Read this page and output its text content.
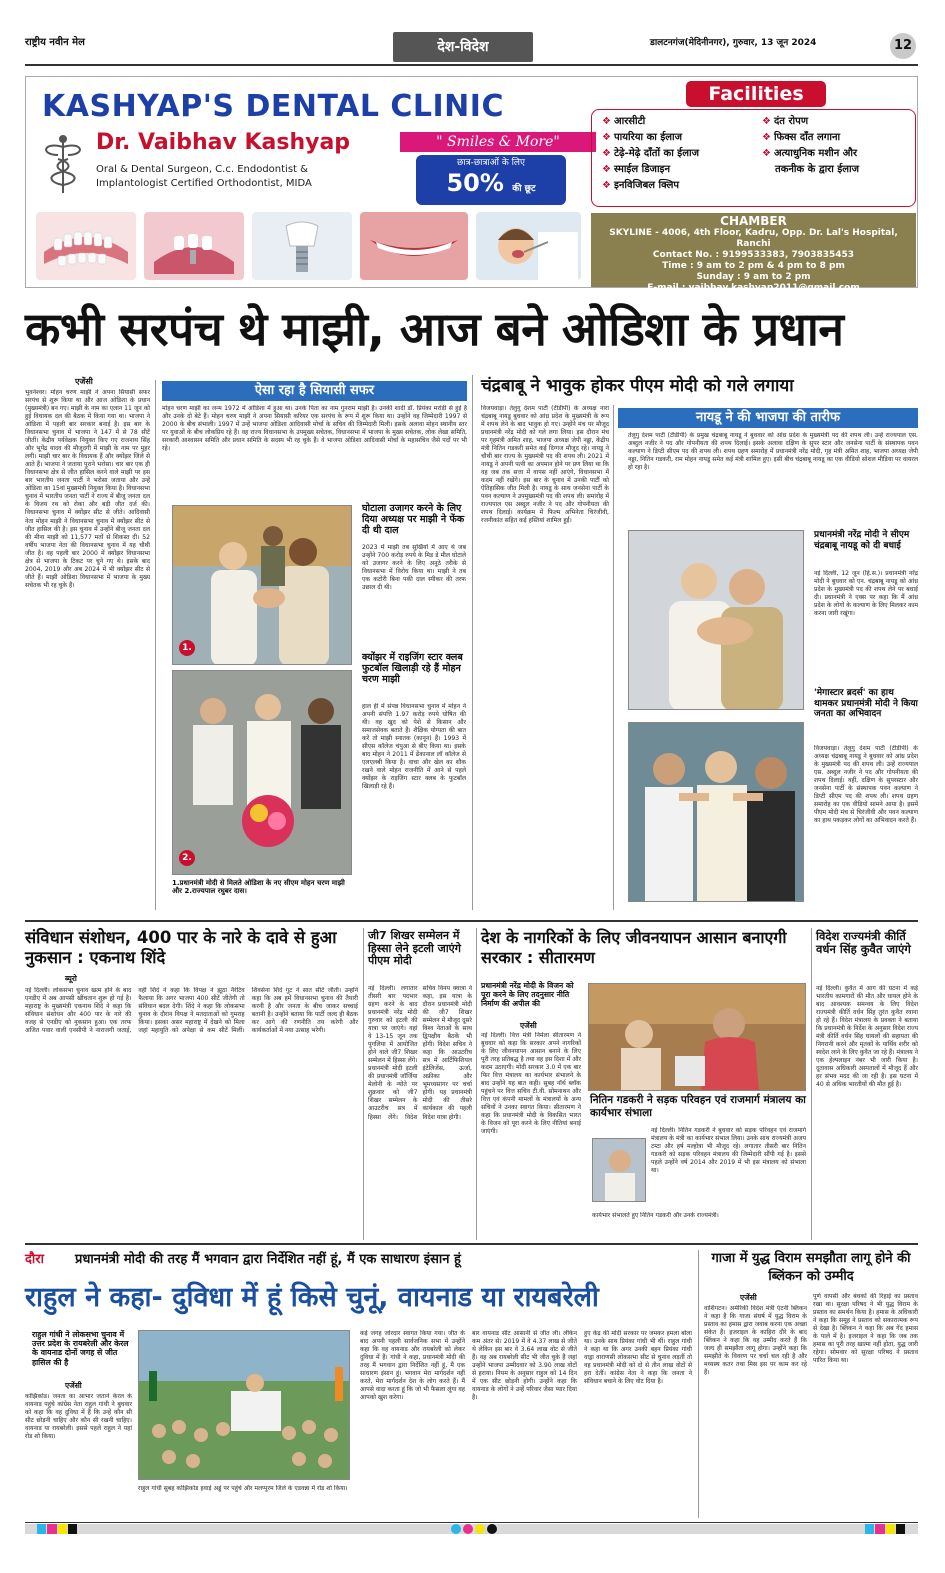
राष्ट्रीय नवीन मेल	देश-विदेश	डालटनगंज(मेदिनीनगर), गुरुवार, 13 जून 2024	12
KASHYAP'S DENTAL CLINIC
Dr. Vaibhav Kashyap
Oral & Dental Surgeon, C.c. Endodontist &
Implantologist Certified Orthodontist, MIDA
" Smiles & More"
छात्र-छात्राओं के लिए
50% की छूट
Facilities
❖ आरसीटी
❖ पायरिया का ईलाज
❖ टेढ़े-मेढ़े दाँतों का ईलाज
❖ स्माईल डिजाइन
❖ इनविजिबल क्लिप
❖ दंत रोपण
❖ फिक्स दाँत लगाना
❖ अत्याधुनिक मशीन और
तकनीक के द्वारा ईलाज
CHAMBER
SKYLINE - 4006, 4th Floor, Kadru, Opp. Dr. Lal's Hospital, Ranchi
Contact No. : 9199533383, 7903835453
Time : 9 am to 2 pm & 4 pm to 8 pm
Sunday : 9 am to 2 pm
E-mail : vaibhav.kashyap2011@gmail.com
कभी सरपंच थे माझी, आज बने ओडिशा के प्रधान
एजेंसी
भुवनेश्वर। मोहन चरण माझी ने अपना सियासी सफर सरपंच से शुरू किया था और आज ओडिशा के प्रधान (मुख्यमंत्री) बन गए। माझी के नाम का एलान 11 जून को हुई विधायक दल की बैठक में किया गया था। भाजपा ने ओडिशा में पहली बार सरकार बनाई है। इस बार के विधानसभा चुनाव में भाजपा ने 147 में से 78 सीटें जीतीं। केंद्रीय पर्यवेक्षक नियुक्त किए गए राजनाथ सिंह और भूपेंद्र यादव की मौजूदगी में माझी के नाम पर मुहर लगी। माझी चार बार के विधायक हैं और क्योंझर जिले से आते हैं। भाजपा ने जताया पुराने भरोसा। चार बार एक ही विधानसभा क्षेत्र से जीत हासिल करने वाले माझी पर इस बार भारतीय जनता पार्टी ने भरोसा जताया और उन्हें ओडिशा का 15वां मुख्यमंत्री नियुक्त किया है। विधानसभा चुनाव में भारतीय जनता पार्टी ने राज्य में बीजू जनता दल के विजय रथ को रोका और बड़ी जीत दर्ज की। विधानसभा चुनाव में क्योंझर सीट से जीते। आदिवासी नेता मोहन माझी ने विधानसभा चुनाव में क्योंझर सीट से जीत हासिल की है। इस चुनाव में उन्होंने बीजू जनता दल की मीना माझी को 11,577 मतों से शिकस्त दी। 52 वर्षीय भाजपा नेता की विधानसभा चुनाव में यह चौथी जीत है। वह पहली बार 2000 में क्योंझर विधानसभा क्षेत्र से भाजपा के टिकट पर चुने गए थे। इसके बाद 2004, 2019 और अब 2024 में भी क्योंझर सीट से जीते हैं। माझी ओडिशा विधानसभा में भाजपा के मुख्य सचेतक भी रह चुके हैं।
ऐसा रहा है सियासी सफर
मोहन चरण माझी का जन्म 1972 में ओडिशा में हुआ था। उनके पिता का नाम गुनराम माझी है। उनकी शादी डॉ. प्रियंका मरांडी से हुई है और उनके दो बेटे हैं। मोहन चरण माझी ने अपना सियासी करियर एक सरपंच के रूप में शुरू किया था। उन्होंने वह जिम्मेदारी 1997 से 2000 के बीच संभाली। 1997 में उन्हें भाजपा ओडिशा आदिवासी मोर्चा के सचिव की जिम्मेदारी मिली। इसके अलावा मोहन स्थानीय स्तर पर युवाओं के बीच लोकप्रिय रहे हैं। वह राज्य विधानसभा के उपमुख्य सचेतक, विधानसभा में भाजपा के मुख्य सचेतक, लोक लेखा समिति, सरकारी आश्वासन समिति और प्रधान समिति के सदस्य भी रह चुके हैं। वे भाजपा ओडिशा आदिवासी मोर्चा के महासचिव जैसे पदों पर भी रहे।
1.
2.
1.प्रधानमंत्री मोदी से मिलते ओडिशा के नए सीएम मोहन चरण माझी और 2.राज्यपाल रघुबर दास।
घोटाला उजागर करने के लिए दिया अध्यक्ष पर माझी ने फेंक दी थी दाल
2023 में माझी तब सुर्खियों में आए थे जब उन्होंने 700 करोड़ रुपये के मिड डे मील घोटाले को उजागर करने के लिए अनूठे तरीके से विधानसभा में विरोध किया था। माझी ने तब एक कटोरी बिना पकी दाल स्पीकर की तरफ उछाल दी थी।
क्योंझर में राइजिंग स्टार क्लब फुटबॉल खिलाड़ी रहे हैं मोहन चरण माझी
हाल ही में संपन्न विधानसभा चुनाव में मोहन ने अपनी संपत्ति 1.97 करोड़ रुपये घोषित की थी। वह खुद को पेशे से किसान और समाजसेवक बताते हैं। शैक्षिक योग्यता की बात करें तो माझी स्नातक (कानून) हैं। 1993 में सीएस कॉलेज चंपुआ से बीए किया था। इसके बाद मोहन ने 2011 में ढेंकानाल लॉ कॉलेज से एलएलबी किया है। वाचा और खेल का शौक रखने वाले मोहन राजनीति में आने से पहले क्योंझर के राइजिंग स्टार क्लब के फुटबॉल खिलाड़ी रहे हैं।
चंद्रबाबू ने भावुक होकर पीएम मोदी को गले लगाया
विजयवाड़ा। तेलुगु देशम पार्टी (टीडीपी) के अध्यक्ष नारा चंद्रबाबू नायडू बुधवार को आंध्र प्रदेश के मुख्यमंत्री के रूप में शपथ लेने के बाद भावुक हो गए। उन्होंने मंच पर मौजूद प्रधानमंत्री नरेंद्र मोदी को गले लगा लिया। इस दौरान मंच पर गृहमंत्री अमित शाह, भाजपा अध्यक्ष जेपी नड्डा, केंद्रीय मंत्री नितिन गडकरी समेत कई दिग्गज मौजूद रहे। नायडू ने चौथी बार राज्य के मुख्यमंत्री पद की शपथ ली। 2021 में नायडू ने अपनी पत्नी का अपमान होने पर प्रण लिया था कि वह जब तक सत्ता में वापस नहीं आएंगे, विधानसभा में कदम नहीं रखेंगे। इस बार के चुनाव में उनकी पार्टी को ऐतिहासिक जीत मिली है। नायडू के साथ जनसेना पार्टी के पवन कल्याण ने उपमुख्यमंत्री पद की शपथ ली। समारोह में राज्यपाल एस अब्दुल नजीर ने पद और गोपनीयता की शपथ दिलाई। कार्यक्रम में फिल्म अभिनेता चिरंजीवी, रजनीकांत सहित कई हस्तियां शामिल हुईं।
नायडू ने की भाजपा की तारीफ
तेलुगु देशम पार्टी (टीडीपी) के प्रमुख चंद्रबाबू नायडू ने बुधवार को आंध्र प्रदेश के मुख्यमंत्री पद की शपथ ली। उन्हें राज्यपाल एस. अब्दुल नजीर ने पद और गोपनीयता की शपथ दिलाई। इसके अलावा दक्षिण के सुपर स्टार और जनसेना पार्टी के संस्थापक पवन कल्याण ने डिप्टी सीएम पद की शपथ ली। शपथ ग्रहण समारोह में प्रधानमंत्री नरेंद्र मोदी, गृह मंत्री अमित शाह, भाजपा अध्यक्ष जेपी नड्डा, नितिन गडकरी, राम मोहन नायडू समेत कई मंत्री शामिल हुए। इसी बीच चंद्रबाबू नायडू का एक वीडियो सोशल मीडिया पर वायरल हो रहा है।
प्रधानमंत्री नरेंद्र मोदी ने सीएम चंद्रबाबू नायडू को दी बधाई
नई दिल्ली, 12 जून (हि.स.)। प्रधानमंत्री नरेंद्र मोदी ने बुधवार को एन. चंद्रबाबू नायडू को आंध्र प्रदेश के मुख्यमंत्री पद की शपथ लेने पर बधाई दी। प्रधानमंत्री ने एक्स पर कहा कि मैं आंध्र प्रदेश के लोगों के कल्याण के लिए मिलकर काम करना जारी रखूंगा।
'मेगास्टार ब्रदर्स' का हाथ थामकर प्रधानमंत्री मोदी ने किया जनता का अभिवादन
विजयवाड़ा। तेलुगु देशम पार्टी (टीडीपी) के अध्यक्ष चंद्रबाबू नायडू ने बुधवार को आंध्र प्रदेश के मुख्यमंत्री पद की शपथ ली। उन्हें राज्यपाल एस. अब्दुल नजीर ने पद और गोपनीयता की शपथ दिलाई। वहीं, दक्षिण के सुपरस्टार और जनसेना पार्टी के संस्थापक पवन कल्याण ने डिप्टी सीएम पद की शपथ ली। शपथ ग्रहण समारोह का एक वीडियो सामने आया है। इसमें पीएम मोदी मंच से चिरंजीवी और पवन कल्याण का हाथ पकड़कर लोगों का अभिवादन करते हैं।
संविधान संशोधन, 400 पार के नारे के दावे से हुआ नुकसान : एकनाथ शिंदे
ब्यूरो
नई दिल्ली। लोकसभा चुनाव खत्म होने के बाद एनडीए में अब आपसी खींचतान शुरू हो गई है। महाराष्ट्र के मुख्यमंत्री एकनाथ शिंदे ने कहा कि संविधान संशोधन और 400 पार के नारे की वजह से एनडीए को नुकसान हुआ। एक तरफ अजित पवार वाली एनसीपी ने नाराजगी जताई, वहीं शिंदे ने कहा कि विपक्ष ने झूठा नैरेटिव फैलाया कि अगर भाजपा 400 सीटें जीतेगी तो संविधान बदल देगी। शिंदे ने कहा कि लोकसभा चुनाव के दौरान विपक्ष ने मतदाताओं को गुमराह किया। इसका असर महाराष्ट्र में देखने को मिला जहां महायुति को अपेक्षा से कम सीटें मिलीं। शिवसेना शिंदे गुट ने सात सीटें जीतीं। उन्होंने कहा कि अब हमें विधानसभा चुनाव की तैयारी करनी है और जनता के बीच जाकर सच्चाई बतानी है। उन्होंने बताया कि पार्टी जल्द ही बैठक कर आगे की रणनीति तय करेगी और कार्यकर्ताओं में नया उत्साह भरेगी।
जी7 शिखर सम्मेलन में हिस्सा लेने इटली जाएंगे पीएम मोदी
नई दिल्ली। लगातार तीसरी बार पदभार ग्रहण करने के बाद प्रधानमंत्री नरेंद्र मोदी गुरुवार को इटली की यात्रा पर जाएंगे। वहां वे 13-15 जून तक पुगलिया में आयोजित होने वाले जी7 शिखर सम्मेलन में हिस्सा लेंगे। प्रधानमंत्री मोदी इटली की प्रधानमंत्री जॉर्जिया मेलोनी के न्योते पर शुक्रवार को जी7 शिखर सम्मेलन के आउटरीच सत्र में हिस्सा लेंगे। विदेश सचिव विनय क्वात्रा ने कहा, इस यात्रा के दौरान प्रधानमंत्री मोदी की जी7 शिखर सम्मेलन में मौजूद दूसरे विश्व नेताओं के साथ द्विपक्षीय बैठकें भी होंगी। विदेश सचिव ने कहा कि आउटरीच सत्र में आर्टिफिशियल इंटेलिजेंस, ऊर्जा, अफ्रीका और भूमध्यसागर पर चर्चा होगी। यह प्रधानमंत्री मोदी की तीसरे कार्यकाल की पहली विदेश यात्रा होगी।
देश के नागरिकों के लिए जीवनयापन आसान बनाएगी सरकार : सीतारमण
प्रधानमंत्री नरेंद्र मोदी के विजन को पूरा करने के लिए तदनुसार नीति निर्माण की अपील की
एजेंसी
नई दिल्ली। वित्त मंत्री निर्मला सीतारमण ने बुधवार को कहा कि सरकार अपने नागरिकों के लिए जीवनयापन आसान बनाने के लिए पूरी तरह प्रतिबद्ध है तथा वह इस दिशा में और कदम उठाएगी। मोदी सरकार 3.0 में एक बार फिर वित्त मंत्रालय का कार्यभार संभालने के बाद उन्होंने यह बात कही। सुबह नॉर्थ ब्लॉक पहुंचने पर वित्त सचिव टी.वी. सोमनाथन और वित्त एवं कंपनी मामलों के मंत्रालयों के अन्य सचिवों ने उनका स्वागत किया। सीतारमण ने कहा कि प्रधानमंत्री मोदी के विकसित भारत के विजन को पूरा करने के लिए नीतियां बनाई जाएंगी।
नितिन गडकरी ने सड़क परिवहन एवं राजमार्ग मंत्रालय का कार्यभार संभाला
नई दिल्ली। नितिन गडकरी ने बुधवार को सड़क परिवहन एवं राजमार्ग मंत्रालय के मंत्री का कार्यभार संभाल लिया। उनके साथ राज्यमंत्री अजय टम्टा और हर्ष मल्होत्रा भी मौजूद रहे। लगातार तीसरी बार नितिन गडकरी को सड़क परिवहन मंत्रालय की जिम्मेदारी सौंपी गई है। इससे पहले उन्होंने वर्ष 2014 और 2019 में भी इस मंत्रालय को संभाला था।
कार्यभार संभालते हुए नितिन गडकरी और उनके राज्यमंत्री।
विदेश राज्यमंत्री कीर्ति वर्धन सिंह कुवैत जाएंगे
नई दिल्ली। कुवैत में आग की घटना में कई भारतीय कामगारों की मौत और घायल होने के बाद आवश्यक समन्वय के लिए विदेश राज्यमंत्री कीर्ति वर्धन सिंह तुरंत कुवैत रवाना हो रहे हैं। विदेश मंत्रालय के प्रवक्ता ने बताया कि प्रधानमंत्री के निर्देश के अनुसार विदेश राज्य मंत्री कीर्ति वर्धन सिंह घायलों की सहायता की निगरानी करने और मृतकों के पार्थिव शरीर को स्वदेश लाने के लिए कुवैत जा रहे हैं। मंत्रालय ने एक हेल्पलाइन नंबर भी जारी किया है। दूतावास अधिकारी अस्पतालों में मौजूद हैं और हर संभव मदद की जा रही है। इस घटना में 40 से अधिक भारतीयों की मौत हुई है।
दौरा प्रधानमंत्री मोदी की तरह मैं भगवान द्वारा निर्देशित नहीं हूं, मैं एक साधारण इंसान हूं
राहुल ने कहा- दुविधा में हूं किसे चुनूं, वायनाड या रायबरेली
राहुल गांधी ने लोकसभा चुनाव में उत्तर प्रदेश के रायबरेली और केरल के वायनाड दोनों जगह से जीत हासिल की है
एजेंसी
कोझिकोड। जनता का आभार जताने केरल के वायनाड पहुंचे कांग्रेस नेता राहुल गांधी ने बुधवार को कहा कि वह दुविधा में हैं कि उन्हें कौन सी सीट छोड़नी चाहिए और कौन सी रखनी चाहिए। वायनाड या रायबरेली। इससे पहले राहुल ने यहां रोड शो किया।
राहुल गांधी सुबह कोझिकोड हवाई अड्डे पर पहुंचे और मलप्पुरम जिले के एडवन्ना में रोड शो किया।
कई जगह जोरदार स्वागत किया गया। जीत के बाद अपनी पहली सार्वजनिक सभा में उन्होंने कहा कि वह वायनाड और रायबरेली को लेकर दुविधा में हैं। गांधी ने कहा, प्रधानमंत्री मोदी की तरह मैं भगवान द्वारा निर्देशित नहीं हूं, मैं एक साधारण इंसान हूं। भगवान मेरा मार्गदर्शन नहीं करते, मेरा मार्गदर्शन देश के लोग करते हैं। मैं आपसे वादा करता हूं कि जो भी फैसला लूंगा वह आपको खुश करेगा।
बार वायनाड सीट आसानी से जीत ली। लेकिन कम अंतर से। 2019 में वे 4.37 लाख से जीते थे लेकिन इस बार वे 3.64 लाख वोट से जीते हैं। वह अब रायबरेली सीट भी जीत चुके हैं जहां उन्होंने भाजपा उम्मीदवार को 3.90 लाख वोटों से हराया। नियम के अनुसार राहुल को 14 दिन में एक सीट छोड़नी होगी। उन्होंने कहा कि वायनाड के लोगों ने उन्हें परिवार जैसा प्यार दिया है।
हुए केंद्र की मोदी सरकार पर जमकर हमला बोला था। उनके साथ प्रियंका गांधी भी थीं। राहुल गांधी ने कहा था कि अगर उनकी बहन प्रियंका गांधी वाड्रा वाराणसी लोकसभा सीट से चुनाव लड़तीं तो वह प्रधानमंत्री मोदी को दो से तीन लाख वोटों से हरा देतीं। कांग्रेस नेता ने कहा कि जनता ने संविधान बचाने के लिए वोट दिया है।
गाजा में युद्ध विराम समझौता लागू होने की ब्लिंकन को उम्मीद
एजेंसी
वाशिंगटन। अमेरिकी विदेश मंत्री एंटनी ब्लिंकन ने कहा है कि गाजा संघर्ष में युद्ध विराम के प्रस्ताव का हमास द्वारा जवाब करना एक अच्छा संकेत है। इजराइल के काहिरा दौरे के बाद ब्लिंकन ने कहा कि वह उम्मीद करते हैं कि जल्द ही समझौता लागू होगा। उन्होंने कहा कि समझौते के विवरण पर चर्चा चल रही है और मध्यस्थ कतर तथा मिस्र इस पर काम कर रहे हैं।
पूर्ण वापसी और बंधकों की रिहाई का प्रस्ताव रखा था। सुरक्षा परिषद ने भी युद्ध विराम के प्रस्ताव का समर्थन किया है। हमास के अधिकारी ने कहा कि समूह ने प्रस्ताव को सकारात्मक रूप से देखा है। ब्लिंकन ने कहा कि अब गेंद हमास के पाले में है। इजराइल ने कहा कि जब तक हमास का पूरी तरह खात्मा नहीं होता, युद्ध जारी रहेगा। सोमवार को सुरक्षा परिषद ने प्रस्ताव पारित किया था।
